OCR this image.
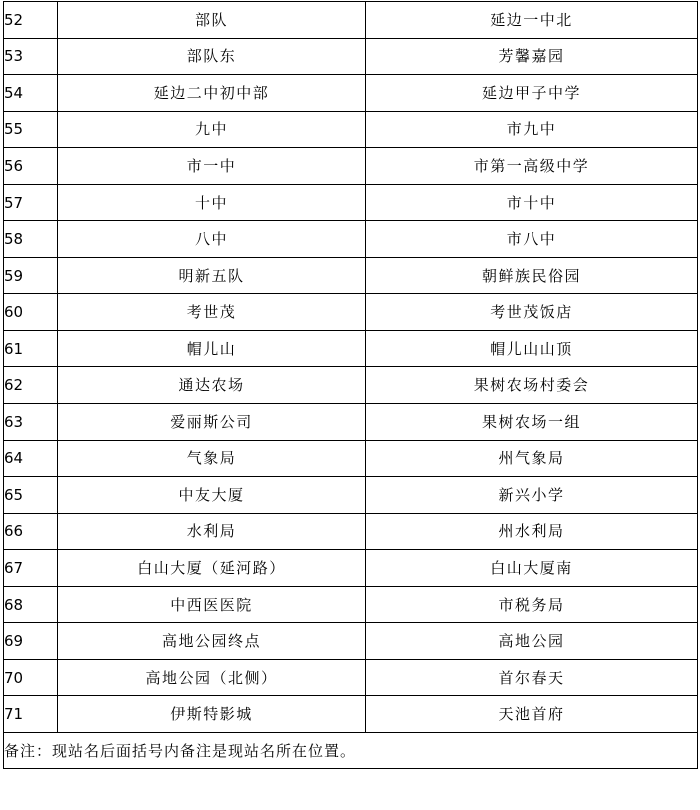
52	部队	延边一中北
53	部队东	芳馨嘉园
54	延边二中初中部	延边甲子中学
55	九中	市九中
56	市一中	市第一高级中学
57	十中	市十中
58	八中	市八中
59	明新五队	朝鲜族民俗园
60	考世茂	考世茂饭店
61	帽儿山	帽儿山山顶
62	通达农场	果树农场村委会
63	爱丽斯公司	果树农场一组
64	气象局	州气象局
65	中友大厦	新兴小学
66	水利局	州水利局
67	白山大厦（延河路）	白山大厦南
68	中西医医院	市税务局
69	高地公园终点	高地公园
70	高地公园（北侧）	首尔春天
71	伊斯特影城	天池首府
备注：现站名后面括号内备注是现站名所在位置。		
